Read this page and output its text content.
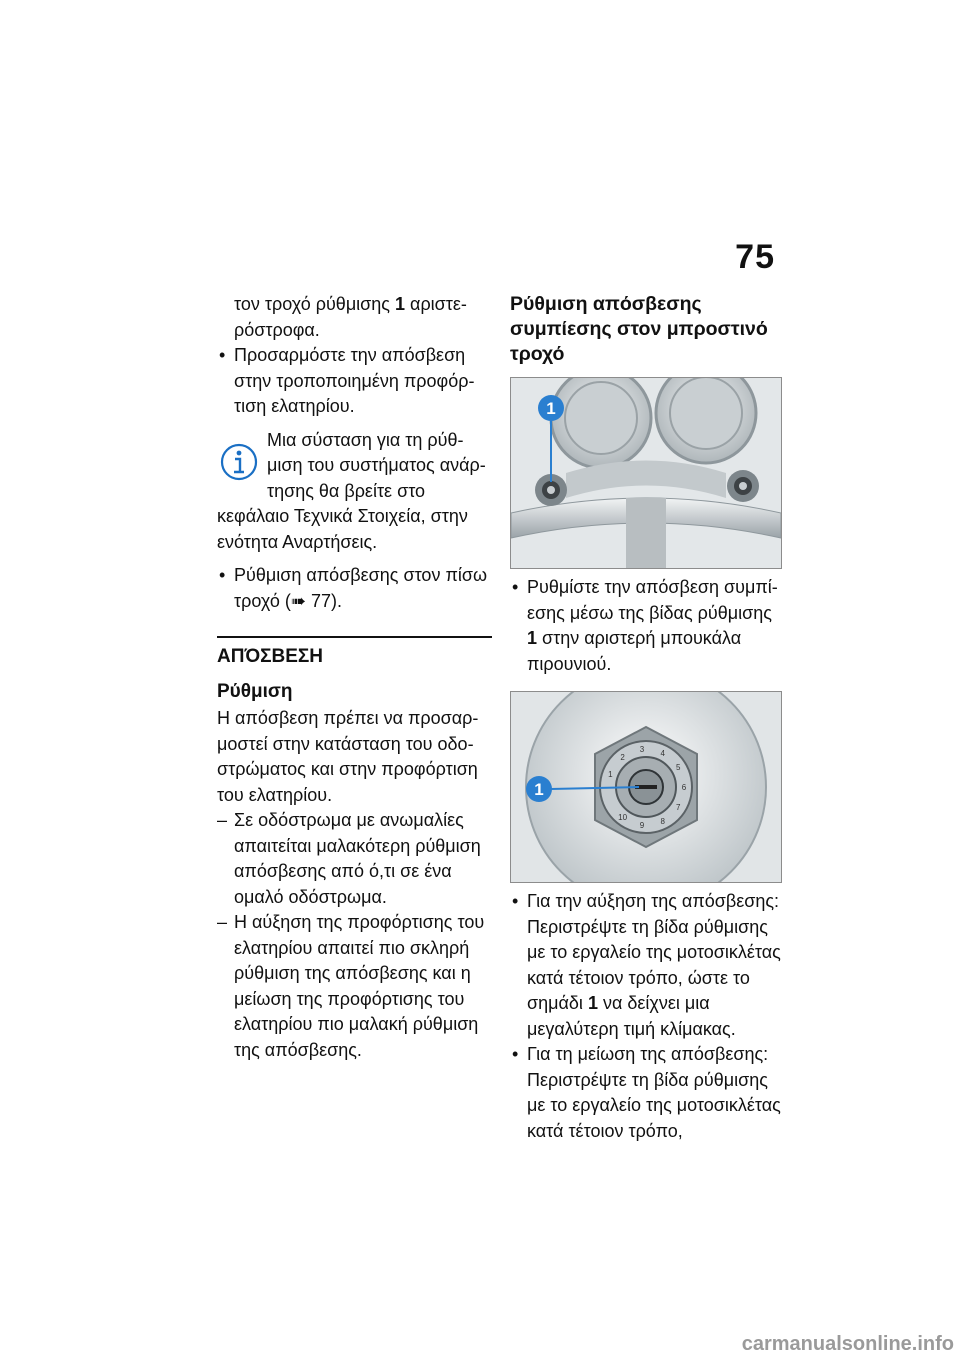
75

τον τροχό ρύθμισης 1 αριστερόστροφα.

• Προσαρμόστε την απόσβεση στην τροποποιημένη προφόρτιση ελατηρίου.

Μια σύσταση για τη ρύθμιση του συστήματος ανάρτησης θα βρείτε στο κεφάλαιο Τεχνικά Στοιχεία, στην ενότητα Αναρτήσεις.

• Ρύθμιση απόσβεσης στον πίσω τροχό (➠ 77).

ΑΠΌΣΒΕΣΗ
Ρύθμιση

Η απόσβεση πρέπει να προσαρμοστεί στην κατάσταση του οδοστρώματος και στην προφόρτιση του ελατηρίου.

– Σε οδόστρωμα με ανωμαλίες απαιτείται μαλακότερη ρύθμιση απόσβεσης από ό,τι σε ένα ομαλό οδόστρωμα.

– Η αύξηση της προφόρτισης του ελατηρίου απαιτεί πιο σκληρή ρύθμιση της απόσβεσης και η μείωση της προφόρτισης του ελατηρίου πιο μαλακή ρύθμιση της απόσβεσης.

Ρύθμιση απόσβεσης συμπίεσης στον μπροστινό τροχό
1

• Ρυθμίστε την απόσβεση συμπίεσης μέσω της βίδας ρύθμισης 1 στην αριστερή μπουκάλα πιρουνιού.

1
2
3 4
5
6
7
8
9
10
1

• Για την αύξηση της απόσβεσης: Περιστρέψτε τη βίδα ρύθμισης με το εργαλείο της μοτοσικλέτας κατά τέτοιον τρόπο, ώστε το σημάδι 1 να δείχνει μια μεγαλύτερη τιμή κλίμακας.

• Για τη μείωση της απόσβεσης: Περιστρέψτε τη βίδα ρύθμισης με το εργαλείο της μοτοσικλέτας κατά τέτοιον τρόπο,

carmanualsonline.info
